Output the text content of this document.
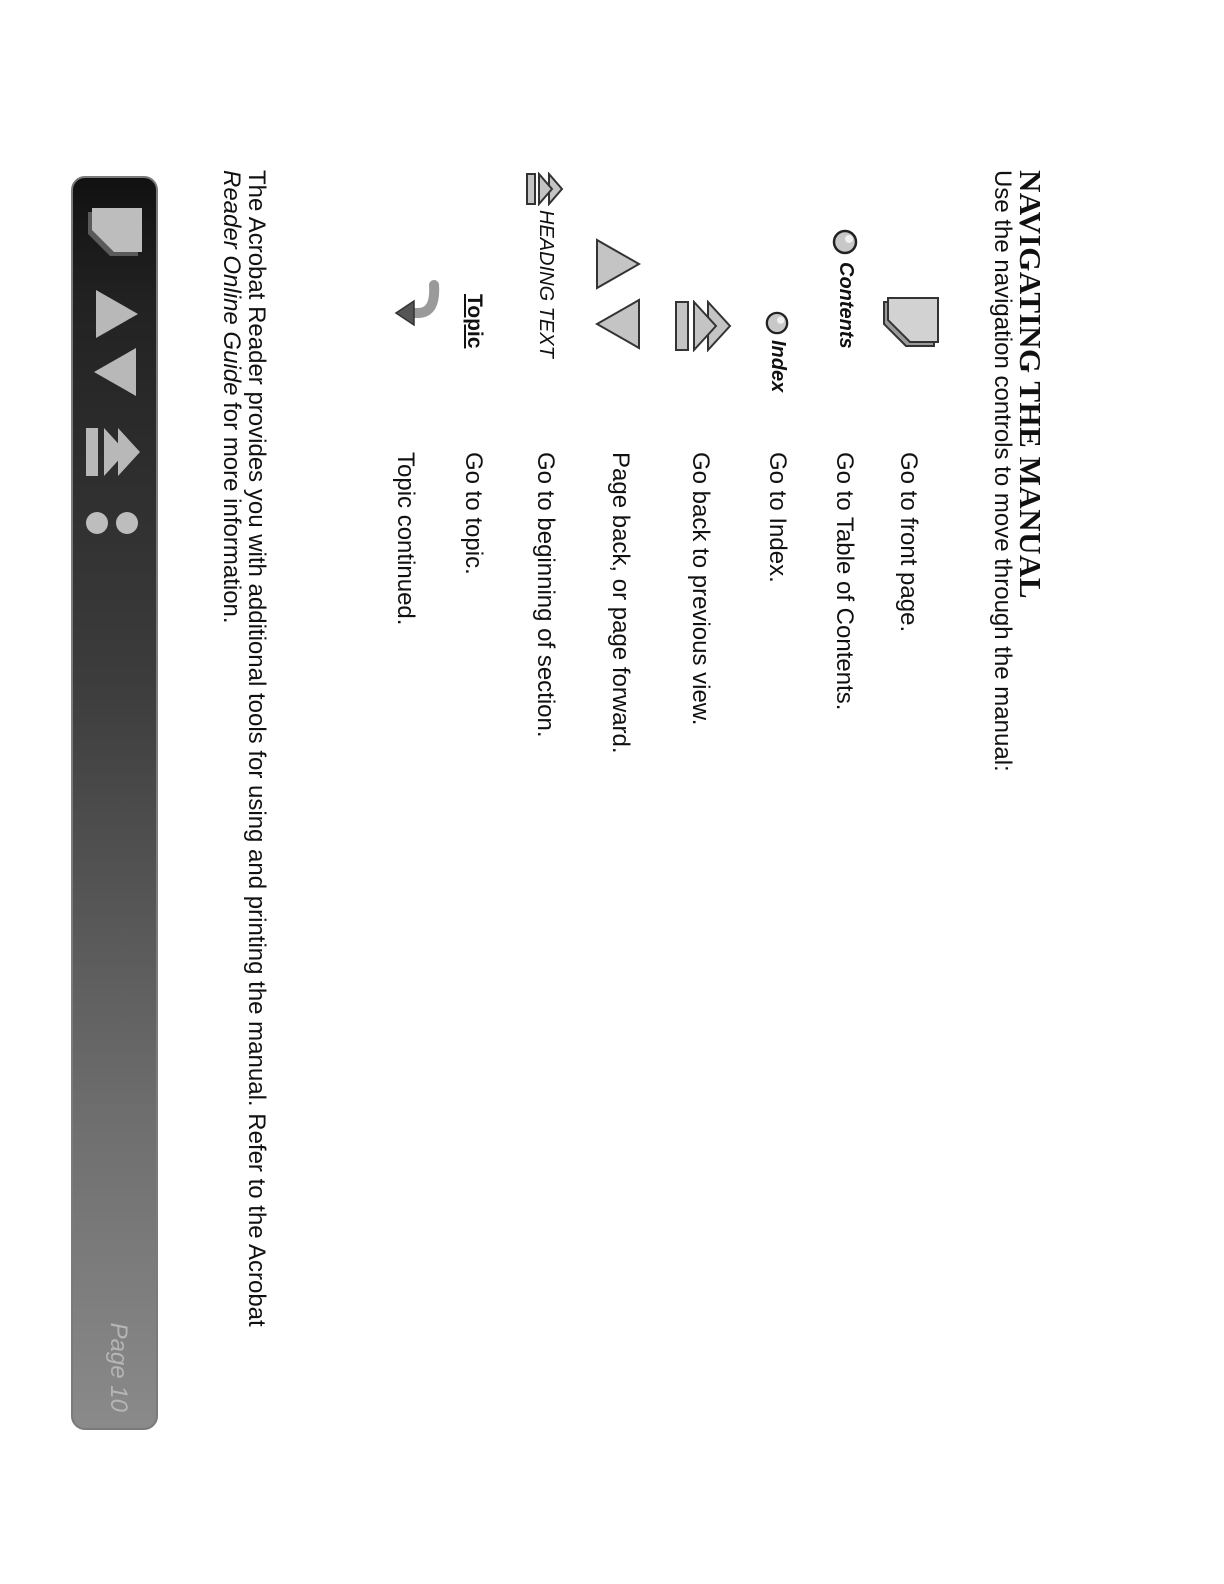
NAVIGATING THE MANUAL
Use the navigation controls to move through the manual:
Go to front page.
Contents
Go to Table of Contents.
Index
Go to Index.
Go back to previous view.
Page back, or page forward.
HEADING TEXT
Go to beginning of section.
Topic
Go to topic.
Topic continued.
The Acrobat Reader provides you with additional tools for using and printing the manual. Refer to the Acrobat Reader Online Guide for more information.
Page 10
